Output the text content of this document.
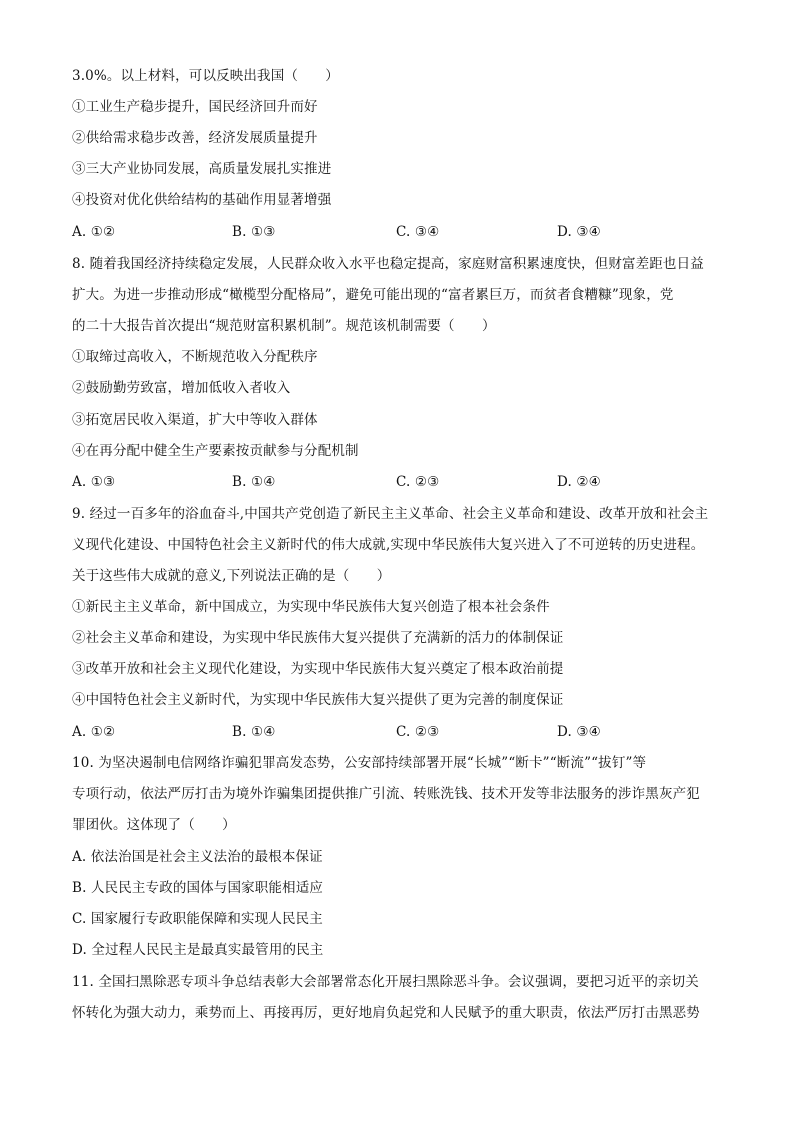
3.0%。以上材料，可以反映出我国（　　）
①工业生产稳步提升，国民经济回升而好
②供给需求稳步改善，经济发展质量提升
③三大产业协同发展，高质量发展扎实推进
④投资对优化供给结构的基础作用显著增强
A. ①②	B. ①③	C. ③④	D. ③④
8. 随着我国经济持续稳定发展，人民群众收入水平也稳定提高，家庭财富积累速度快，但财富差距也日益
扩大。为进一步推动形成“橄榄型分配格局”，避免可能出现的“富者累巨万，而贫者食糟糠”现象，党
的二十大报告首次提出“规范财富积累机制”。规范该机制需要（　　）
①取缔过高收入，不断规范收入分配秩序
②鼓励勤劳致富，增加低收入者收入
③拓宽居民收入渠道，扩大中等收入群体
④在再分配中健全生产要素按贡献参与分配机制
A. ①③	B. ①④	C. ②③	D. ②④
9. 经过一百多年的浴血奋斗,中国共产党创造了新民主主义革命、社会主义革命和建设、改革开放和社会主
义现代化建设、中国特色社会主义新时代的伟大成就,实现中华民族伟大复兴进入了不可逆转的历史进程。
关于这些伟大成就的意义,下列说法正确的是（　　）
①新民主主义革命，新中国成立，为实现中华民族伟大复兴创造了根本社会条件
②社会主义革命和建设，为实现中华民族伟大复兴提供了充满新的活力的体制保证
③改革开放和社会主义现代化建设，为实现中华民族伟大复兴奠定了根本政治前提
④中国特色社会主义新时代，为实现中华民族伟大复兴提供了更为完善的制度保证
A. ①②	B. ①④	C. ②③	D. ③④
10. 为坚决遏制电信网络诈骗犯罪高发态势，公安部持续部署开展“长城”“断卡”“断流”“拔钉”等
专项行动，依法严厉打击为境外诈骗集团提供推广引流、转账洗钱、技术开发等非法服务的涉诈黑灰产犯
罪团伙。这体现了（　　）
A. 依法治国是社会主义法治的最根本保证
B. 人民民主专政的国体与国家职能相适应
C. 国家履行专政职能保障和实现人民民主
D. 全过程人民民主是最真实最管用的民主
11. 全国扫黑除恶专项斗争总结表彰大会部署常态化开展扫黑除恶斗争。会议强调，要把习近平的亲切关
怀转化为强大动力，乘势而上、再接再厉，更好地肩负起党和人民赋予的重大职责，依法严厉打击黑恶势
